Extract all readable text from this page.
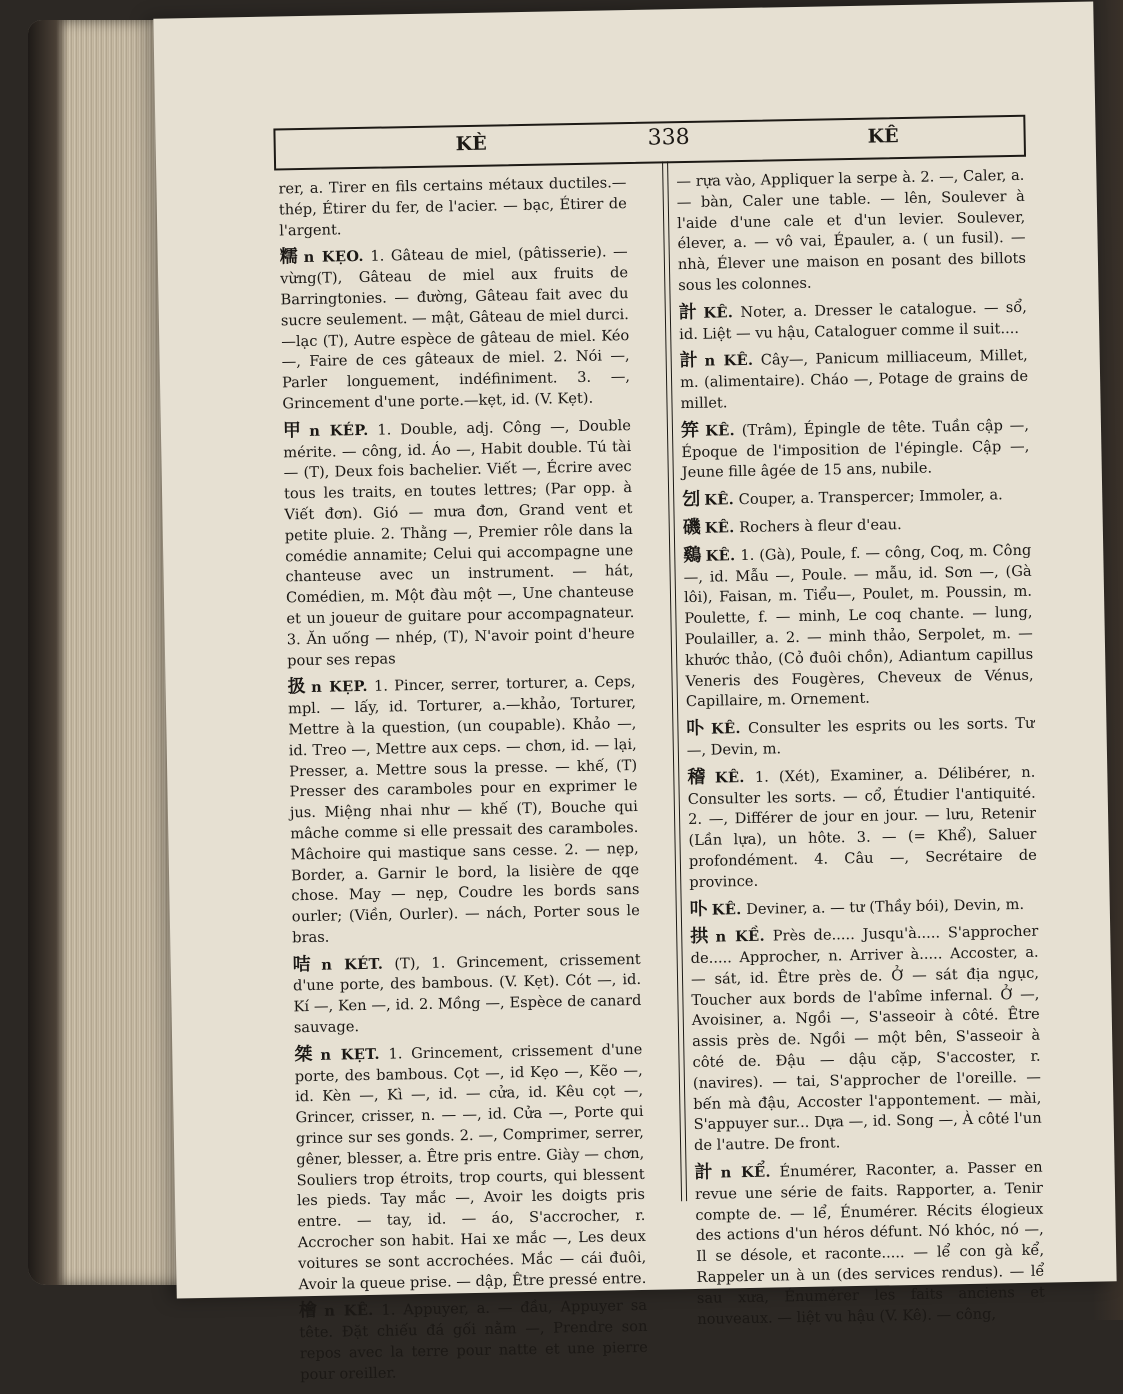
KÈ	338	KÊ

rer, a. Tirer en fils certains métaux ductiles.—thép, Étirer du fer, de l'acier. — bạc, Étirer de l'argent.

糯 n KẸO. 1. Gâteau de miel, (pâtisserie). — vừng(T), Gâteau de miel aux fruits de Barringtonies. — đường, Gâteau fait avec du sucre seulement. — mật, Gâteau de miel durci.—lạc (T), Autre espèce de gâteau de miel. Kéo —, Faire de ces gâteaux de miel. 2. Nói —, Parler longuement, indéfiniment. 3. —, Grincement d'une porte.—kẹt, id. (V. Kẹt).

甲 n KÉP. 1. Double, adj. Công —, Double mérite. — công, id. Áo —, Habit double. Tú tài — (T), Deux fois bachelier. Viết —, Écrire avec tous les traits, en toutes lettres; (Par opp. à Viết đơn). Gió — mưa đơn, Grand vent et petite pluie. 2. Thằng —, Premier rôle dans la comédie annamite; Celui qui accompagne une chanteuse avec un instrument. — hát, Comédien, m. Một đàu một —, Une chanteuse et un joueur de guitare pour accompagnateur. 3. Ăn uống — nhép, (T), N'avoir point d'heure pour ses repas

扱 n KẸP. 1. Pincer, serrer, torturer, a. Ceps, mpl. — lấy, id. Torturer, a.—khảo, Torturer, Mettre à la question, (un coupable). Khảo —, id. Treo —, Mettre aux ceps. — chơn, id. — lại, Presser, a. Mettre sous la presse. — khế, (T) Presser des caramboles pour en exprimer le jus. Miệng nhai như — khế (T), Bouche qui mâche comme si elle pressait des caramboles. Mâchoire qui mastique sans cesse. 2. — nẹp, Border, a. Garnir le bord, la lisière de qqe chose. May — nẹp, Coudre les bords sans ourler; (Viền, Ourler). — nách, Porter sous le bras.

咭 n KÉT. (T), 1. Grincement, crissement d'une porte, des bambous. (V. Kẹt). Cót —, id. Kí —, Ken —, id. 2. Mồng —, Espèce de canard sauvage.

桀 n KẸT. 1. Grincement, crissement d'une porte, des bambous. Cọt —, id Kẹo —, Kẽo —, id. Kèn —, Kì —, id. — cửa, id. Kêu cọt —, Grincer, crisser, n. — —, id. Cửa —, Porte qui grince sur ses gonds. 2. —, Comprimer, serrer, gêner, blesser, a. Être pris entre. Giày — chơn, Souliers trop étroits, trop courts, qui blessent les pieds. Tay mắc —, Avoir les doigts pris entre. — tay, id. — áo, S'accrocher, r. Accrocher son habit. Hai xe mắc —, Les deux voitures se sont accrochées. Mắc — cái đuôi, Avoir la queue prise. — dập, Être pressé entre.

檜 n KÊ. 1. Appuyer, a. — đầu, Appuyer sa tête. Đặt chiếu đá gối nằm —, Prendre son repos avec la terre pour natte et une pierre pour oreiller.

— rựa vào, Appliquer la serpe à. 2. —, Caler, a. — bàn, Caler une table. — lên, Soulever à l'aide d'une cale et d'un levier. Soulever, élever, a. — vô vai, Épauler, a. ( un fusil). — nhà, Élever une maison en posant des billots sous les colonnes.

計 KÊ. Noter, a. Dresser le catalogue. — sổ, id. Liệt — vu hậu, Cataloguer comme il suit....

計 n KÊ. Cây—, Panicum milliaceum, Millet, m. (alimentaire). Cháo —, Potage de grains de millet.

笄 KÊ. (Trâm), Épingle de tête. Tuần cập —, Époque de l'imposition de l'épingle. Cập —, Jeune fille âgée de 15 ans, nubile.

刉 KÊ. Couper, a. Transpercer; Immoler, a.

磯 KÊ. Rochers à fleur d'eau.

鷄 KÊ. 1. (Gà), Poule, f. — công, Coq, m. Công —, id. Mẫu —, Poule. — mẫu, id. Sơn —, (Gà lôi), Faisan, m. Tiểu—, Poulet, m. Poussin, m. Poulette, f. — minh, Le coq chante. — lung, Poulailler, a. 2. — minh thảo, Serpolet, m. — khước thảo, (Cỏ đuôi chồn), Adiantum capillus Veneris des Fougères, Cheveux de Vénus, Capillaire, m. Ornement.

卟 KÊ. Consulter les esprits ou les sorts. Tư —, Devin, m.

稽 KÊ. 1. (Xét), Examiner, a. Délibérer, n. Consulter les sorts. — cổ, Étudier l'antiquité. 2. —, Différer de jour en jour. — lưu, Retenir (Lần lựa), un hôte. 3. — (= Khể), Saluer profondément. 4. Câu —, Secrétaire de province.

卟 KÊ. Deviner, a. — tư (Thầy bói), Devin, m.

拱 n KỀ. Près de..... Jusqu'à..... S'approcher de..... Approcher, n. Arriver à..... Accoster, a. — sát, id. Être près de. Ở — sát địa ngục, Toucher aux bords de l'abîme infernal. Ở —, Avoisiner, a. Ngồi —, S'asseoir à côté. Être assis près de. Ngồi — một bên, S'asseoir à côté de. Đậu — dậu cặp, S'accoster, r. (navires). — tai, S'approcher de l'oreille. — bến mà đậu, Accoster l'appontement. — mài, S'appuyer sur... Dựa —, id. Song —, À côté l'un de l'autre. De front.

計 n KỂ. Énumérer, Raconter, a. Passer en revue une série de faits. Rapporter, a. Tenir compte de. — lể, Énumérer. Récits élogieux des actions d'un héros défunt. Nó khóc, nó —, Il se désole, et raconte..... — lể con gà kể, Rappeler un à un (des services rendus). — lể sau xưa, Énumérer les faits anciens et nouveaux. — liệt vu hậu (V. Kê). — công,
